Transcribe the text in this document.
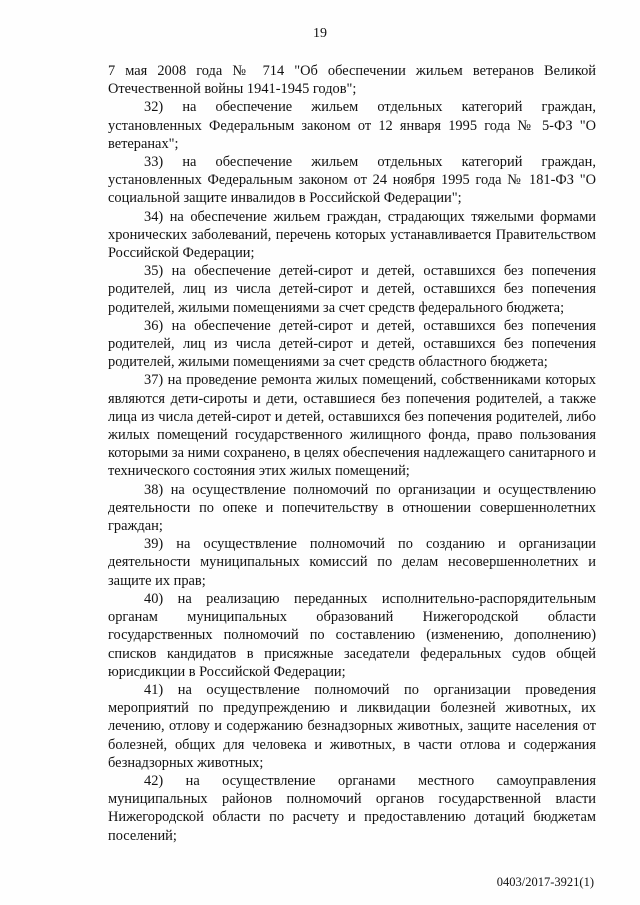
19

7 мая 2008 года № 714 "Об обеспечении жильем ветеранов Великой Отечественной войны 1941-1945 годов";

32) на обеспечение жильем отдельных категорий граждан, установленных Федеральным законом от 12 января 1995 года № 5-ФЗ "О ветеранах";

33) на обеспечение жильем отдельных категорий граждан, установленных Федеральным законом от 24 ноября 1995 года № 181-ФЗ "О социальной защите инвалидов в Российской Федерации";

34) на обеспечение жильем граждан, страдающих тяжелыми формами хронических заболеваний, перечень которых устанавливается Правительством Российской Федерации;

35) на обеспечение детей-сирот и детей, оставшихся без попечения родителей, лиц из числа детей-сирот и детей, оставшихся без попечения родителей, жилыми помещениями за счет средств федерального бюджета;

36) на обеспечение детей-сирот и детей, оставшихся без попечения родителей, лиц из числа детей-сирот и детей, оставшихся без попечения родителей, жилыми помещениями за счет средств областного бюджета;

37) на проведение ремонта жилых помещений, собственниками которых являются дети-сироты и дети, оставшиеся без попечения родителей, а также лица из числа детей-сирот и детей, оставшихся без попечения родителей, либо жилых помещений государственного жилищного фонда, право пользования которыми за ними сохранено, в целях обеспечения надлежащего санитарного и технического состояния этих жилых помещений;

38) на осуществление полномочий по организации и осуществлению деятельности по опеке и попечительству в отношении совершеннолетних граждан;

39) на осуществление полномочий по созданию и организации деятельности муниципальных комиссий по делам несовершеннолетних и защите их прав;

40) на реализацию переданных исполнительно-распорядительным органам муниципальных образований Нижегородской области государственных полномочий по составлению (изменению, дополнению) списков кандидатов в присяжные заседатели федеральных судов общей юрисдикции в Российской Федерации;

41) на осуществление полномочий по организации проведения мероприятий по предупреждению и ликвидации болезней животных, их лечению, отлову и содержанию безнадзорных животных, защите населения от болезней, общих для человека и животных, в части отлова и содержания безнадзорных животных;

42) на осуществление органами местного самоуправления муниципальных районов полномочий органов государственной власти Нижегородской области по расчету и предоставлению дотаций бюджетам поселений;

0403/2017-3921(1)
